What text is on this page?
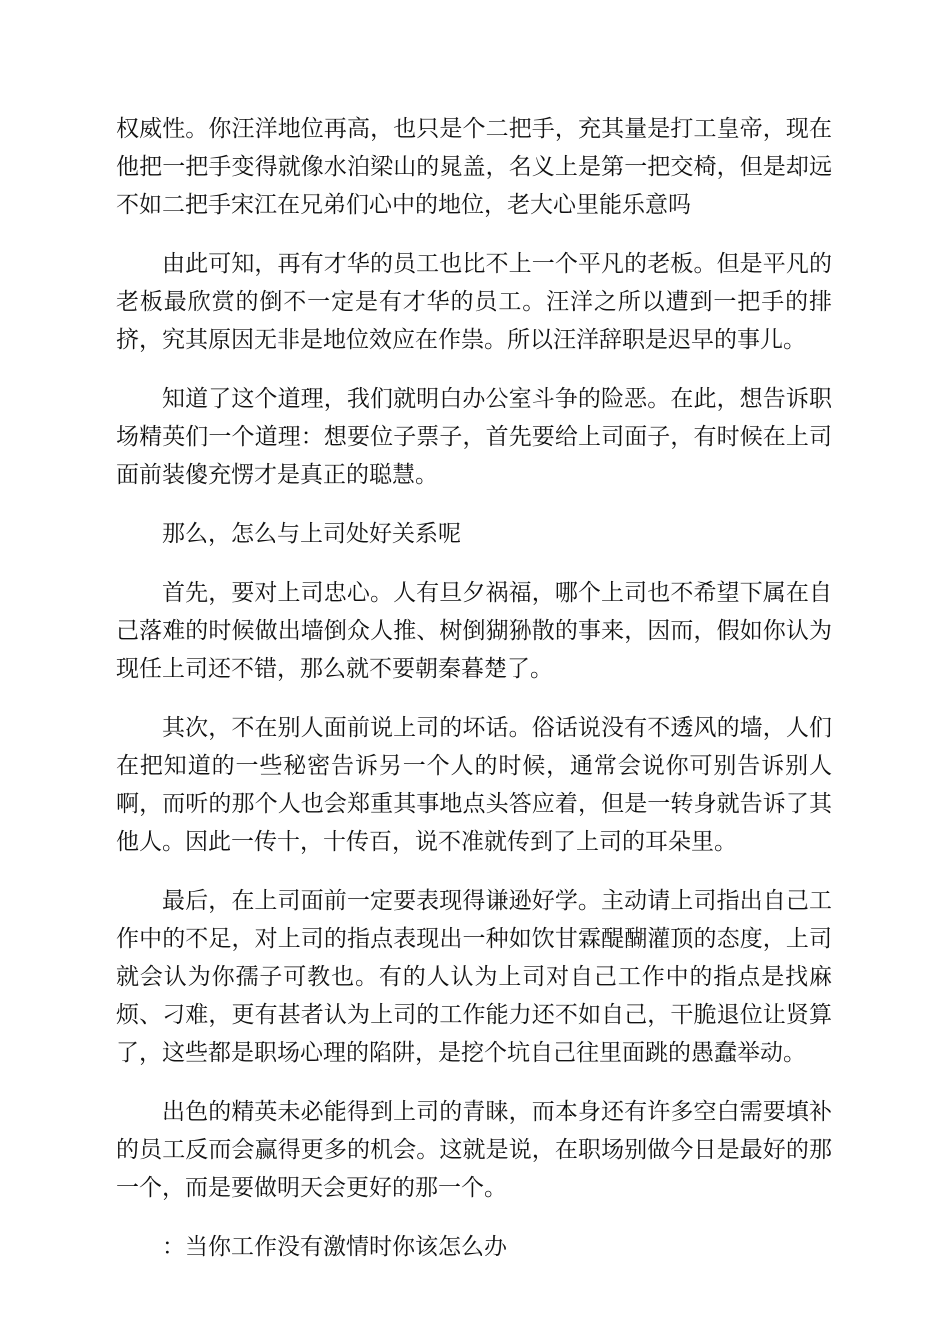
权威性。你汪洋地位再高，也只是个二把手，充其量是打工皇帝，现在他把一把手变得就像水泊梁山的晁盖，名义上是第一把交椅，但是却远不如二把手宋江在兄弟们心中的地位，老大心里能乐意吗

由此可知，再有才华的员工也比不上一个平凡的老板。但是平凡的老板最欣赏的倒不一定是有才华的员工。汪洋之所以遭到一把手的排挤，究其原因无非是地位效应在作祟。所以汪洋辞职是迟早的事儿。

知道了这个道理，我们就明白办公室斗争的险恶。在此，想告诉职场精英们一个道理：想要位子票子，首先要给上司面子，有时候在上司面前装傻充愣才是真正的聪慧。

那么，怎么与上司处好关系呢

首先，要对上司忠心。人有旦夕祸福，哪个上司也不希望下属在自己落难的时候做出墙倒众人推、树倒猢狲散的事来，因而，假如你认为现任上司还不错，那么就不要朝秦暮楚了。

其次，不在别人面前说上司的坏话。俗话说没有不透风的墙，人们在把知道的一些秘密告诉另一个人的时候，通常会说你可别告诉别人啊，而听的那个人也会郑重其事地点头答应着，但是一转身就告诉了其他人。因此一传十，十传百，说不准就传到了上司的耳朵里。

最后，在上司面前一定要表现得谦逊好学。主动请上司指出自己工作中的不足，对上司的指点表现出一种如饮甘霖醍醐灌顶的态度，上司就会认为你孺子可教也。有的人认为上司对自己工作中的指点是找麻烦、刁难，更有甚者认为上司的工作能力还不如自己，干脆退位让贤算了，这些都是职场心理的陷阱，是挖个坑自己往里面跳的愚蠢举动。

出色的精英未必能得到上司的青睐，而本身还有许多空白需要填补的员工反而会赢得更多的机会。这就是说，在职场别做今日是最好的那一个，而是要做明天会更好的那一个。

：当你工作没有激情时你该怎么办
